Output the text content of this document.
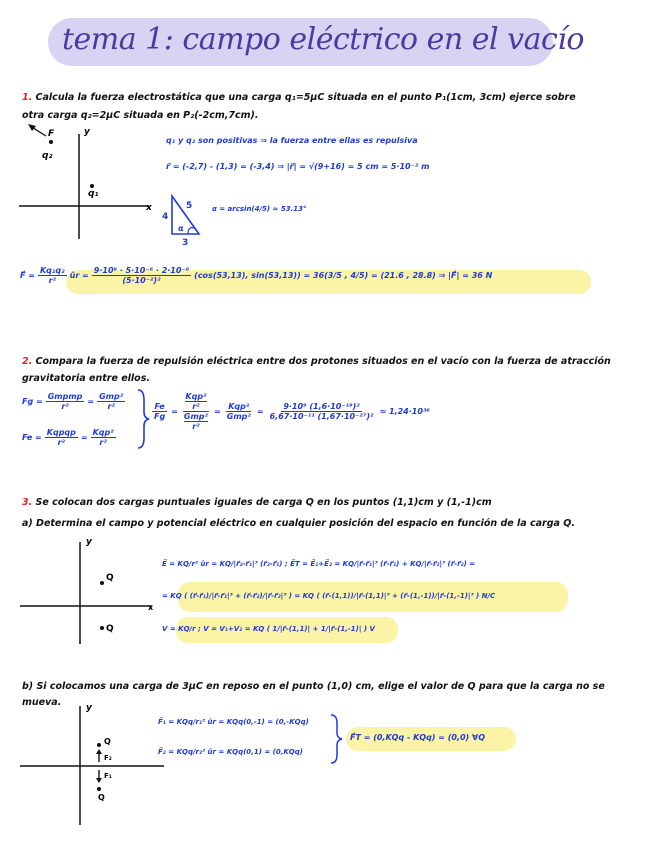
tema 1: campo eléctrico en el vacío
1. Calcula la fuerza electrostática que una carga q₁=5μC situada en el punto P₁(1cm, 3cm) ejerce sobre
otra carga q₂=2μC situada en P₂(-2cm,7cm).
F
q₂
y
q₁
x
4
5
3
α
q₁ y q₂ son positivas ⇒ la fuerza entre ellas es repulsiva
r⃗ = (-2,7) - (1,3) = (-3,4) ⇒ |r⃗| = √(9+16) = 5 cm = 5·10⁻² m
α = arcsin(4/5) ≈ 53.13°
F⃗ = $\frac{\text{Kq₁q₂}}{\text{r²}}$ ûr = $\frac{\text{9·10⁹ · 5·10⁻⁶ · 2·10⁻⁶}}{\text{(5·10⁻²)²}} (\cos(53,13)$, sin(53,13)) = 36(3/5 , 4/5) = (21.6 , 28.8) ⇒ |F⃗| = 36 N
2. Compara la fuerza de repulsión eléctrica entre dos protones situados en el vacío con la fuerza de atracción
gravitatoria entre ellos.
$Fg = \frac{\text{Gmpmp}}{\text{r²}} = \frac{\text{Gmp²}}{\text{r²}}$
$Fe = \frac{\text{Kqpqp}}{\text{r²}} = \frac{\text{Kqp²}}{\text{r²}}$
$\frac{Fe}{Fg} = Kqp^2$
r²
Gmp²
$r^2 = \frac{\text{Kqp²}}{\text{Gmp²}} = \frac{\text{9·10⁹ (1,6·10⁻¹⁹)²}}{\text{6,67·10⁻¹¹ (1,67·10⁻²⁷)²}} \approx 1,24\cdot 10^{36}$
3. Se colocan dos cargas puntuales iguales de carga Q en los puntos (1,1)cm y (1,-1)cm
a) Determina el campo y potencial eléctrico en cualquier posición del espacio en función de la carga Q.
y
Q
Q
x
E⃗ = KQ/r² ûr = KQ/|r⃗₂-r⃗₁|³ (r⃗₂-r⃗₁) ; E⃗T = E⃗₁+E⃗₂ = KQ/|r⃗-r⃗₁|³ (r⃗-r⃗₁) + KQ/|r⃗-r⃗₂|³ (r⃗-r⃗₂) =
= KQ ( (r⃗-r⃗₁)/|r⃗-r⃗₁|³ + (r⃗-r⃗₂)/|r⃗-r⃗₂|³ ) = KQ ( (r⃗-(1,1))/|r⃗-(1,1)|³ + (r⃗-(1,-1))/|r⃗-(1,-1)|³ ) N/C
V = KQ/r ; V = V₁+V₂ = KQ ( 1/|r⃗-(1,1)| + 1/|r⃗-(1,-1)| ) V
b) Si colocamos una carga de 3μC en reposo en el punto (1,0) cm, elige el valor de Q para que la carga no se
mueva.	y
Q
F₂
F₁
Q
F⃗₁ = KQq/r₁² ûr = KQq(0,-1) = (0,-KQq)
F⃗₂ = KQq/r₂² ûr = KQq(0,1) = (0,KQq)
F⃗T = (0,KQq - KQq) = (0,0) ∀Q
